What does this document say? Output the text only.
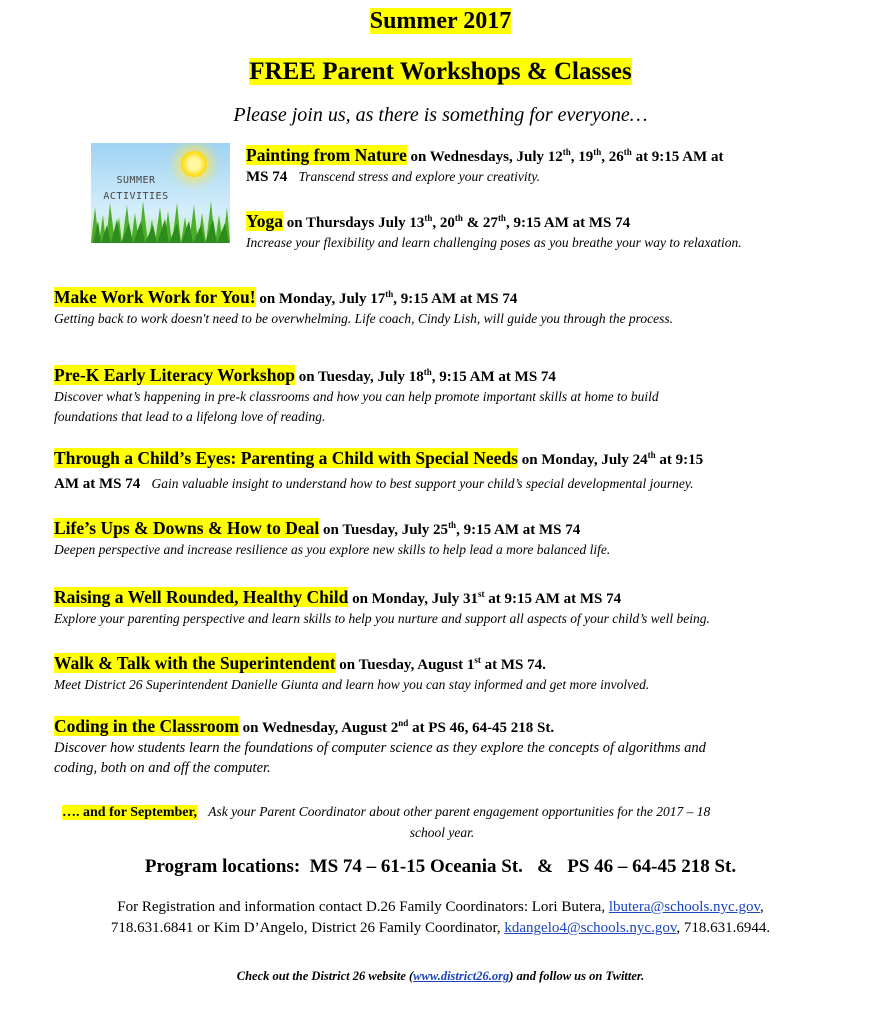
Summer 2017
FREE Parent Workshops & Classes
Please join us, as there is something for everyone…
SUMMER
ACTIVITIES
Painting from Nature on Wednesdays, July 12th, 19th, 26th at 9:15 AM at
MS 74 Transcend stress and explore your creativity.
Yoga on Thursdays July 13th, 20th & 27th, 9:15 AM at MS 74
Increase your flexibility and learn challenging poses as you breathe your way to relaxation.
Make Work Work for You! on Monday, July 17th, 9:15 AM at MS 74
Getting back to work doesn't need to be overwhelming. Life coach, Cindy Lish, will guide you through the process.
Pre-K Early Literacy Workshop on Tuesday, July 18th, 9:15 AM at MS 74
Discover what’s happening in pre-k classrooms and how you can help promote important skills at home to build
foundations that lead to a lifelong love of reading.
Through a Child’s Eyes: Parenting a Child with Special Needs on Monday, July 24th at 9:15
AM at MS 74 Gain valuable insight to understand how to best support your child’s special developmental journey.
Life’s Ups & Downs & How to Deal on Tuesday, July 25th, 9:15 AM at MS 74
Deepen perspective and increase resilience as you explore new skills to help lead a more balanced life.
Raising a Well Rounded, Healthy Child on Monday, July 31st at 9:15 AM at MS 74
Explore your parenting perspective and learn skills to help you nurture and support all aspects of your child’s well being.
Walk & Talk with the Superintendent on Tuesday, August 1st at MS 74.
Meet District 26 Superintendent Danielle Giunta and learn how you can stay informed and get more involved.
Coding in the Classroom on Wednesday, August 2nd at PS 46, 64-45 218 St.
Discover how students learn the foundations of computer science as they explore the concepts of algorithms and
coding, both on and off the computer.
…. and for September, Ask your Parent Coordinator about other parent engagement opportunities for the 2017 – 18
school year.
Program locations:  MS 74 – 61-15 Oceania St.   &   PS 46 – 64-45 218 St.
For Registration and information contact D.26 Family Coordinators: Lori Butera, lbutera@schools.nyc.gov,
718.631.6841 or Kim D’Angelo, District 26 Family Coordinator, kdangelo4@schools.nyc.gov, 718.631.6944.
Check out the District 26 website (www.district26.org) and follow us on Twitter.
